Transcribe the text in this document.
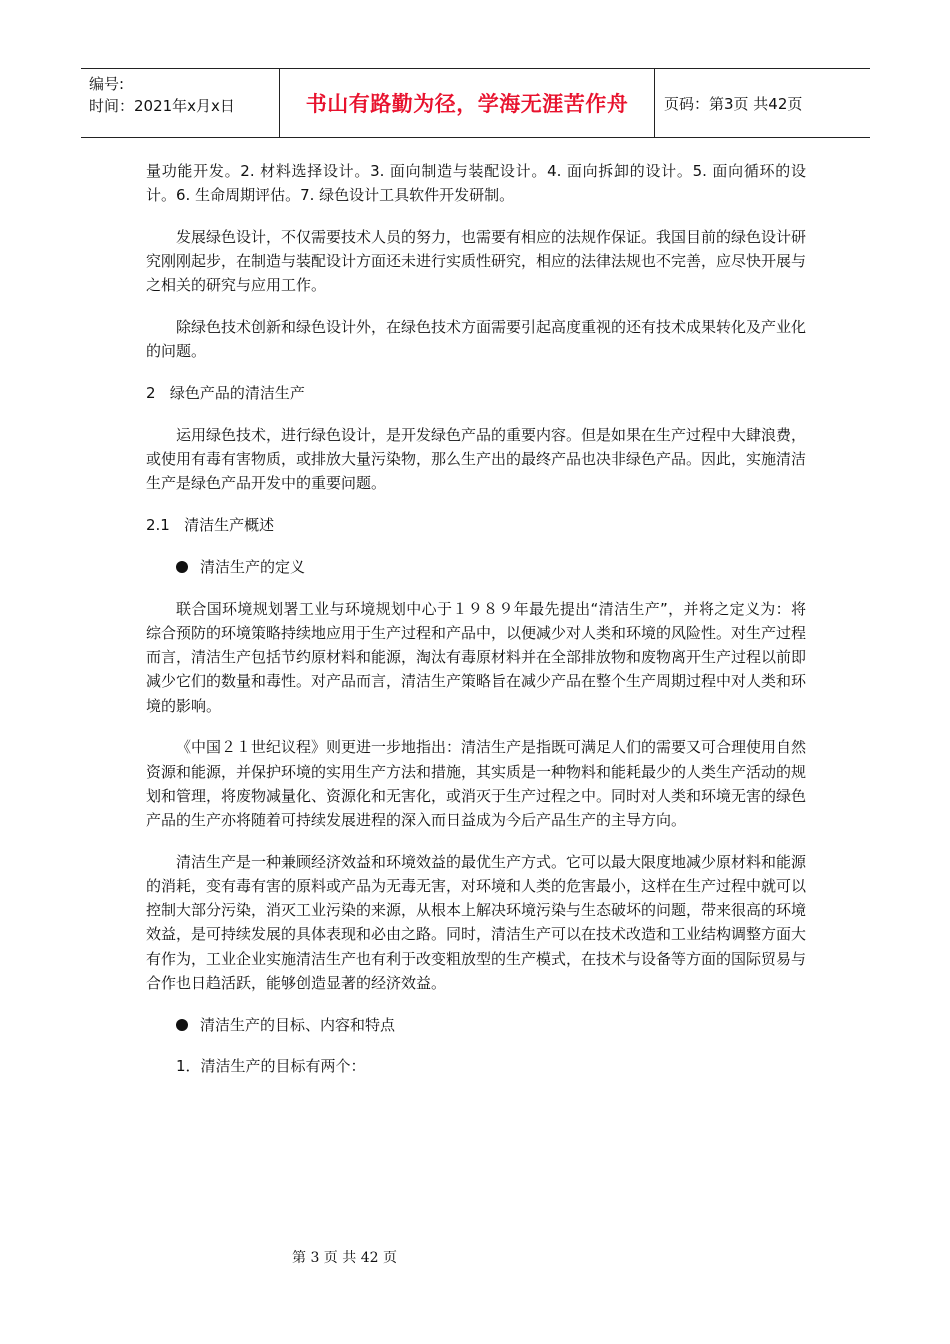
编号:
时间：2021年x月x日	书山有路勤为径，学海无涯苦作舟	页码：第3页 共42页

量功能开发。2. 材料选择设计。3. 面向制造与装配设计。4. 面向拆卸的设计。5. 面向循环的设计。6. 生命周期评估。7. 绿色设计工具软件开发研制。

发展绿色设计，不仅需要技术人员的努力，也需要有相应的法规作保证。我国目前的绿色设计研究刚刚起步，在制造与装配设计方面还未进行实质性研究，相应的法律法规也不完善，应尽快开展与之相关的研究与应用工作。

除绿色技术创新和绿色设计外，在绿色技术方面需要引起高度重视的还有技术成果转化及产业化的问题。

2   绿色产品的清洁生产

运用绿色技术，进行绿色设计，是开发绿色产品的重要内容。但是如果在生产过程中大肆浪费，或使用有毒有害物质，或排放大量污染物，那么生产出的最终产品也决非绿色产品。因此，实施清洁生产是绿色产品开发中的重要问题。

2.1   清洁生产概述
清洁生产的定义

联合国环境规划署工业与环境规划中心于１９８９年最先提出“清洁生产”，并将之定义为：将综合预防的环境策略持续地应用于生产过程和产品中，以便减少对人类和环境的风险性。对生产过程而言，清洁生产包括节约原材料和能源，淘汰有毒原材料并在全部排放物和废物离开生产过程以前即减少它们的数量和毒性。对产品而言，清洁生产策略旨在减少产品在整个生产周期过程中对人类和环境的影响。

《中国２１世纪议程》则更进一步地指出：清洁生产是指既可满足人们的需要又可合理使用自然资源和能源，并保护环境的实用生产方法和措施，其实质是一种物料和能耗最少的人类生产活动的规划和管理，将废物减量化、资源化和无害化，或消灭于生产过程之中。同时对人类和环境无害的绿色产品的生产亦将随着可持续发展进程的深入而日益成为今后产品生产的主导方向。

清洁生产是一种兼顾经济效益和环境效益的最优生产方式。它可以最大限度地减少原材料和能源的消耗，变有毒有害的原料或产品为无毒无害，对环境和人类的危害最小，这样在生产过程中就可以控制大部分污染，消灭工业污染的来源，从根本上解决环境污染与生态破坏的问题，带来很高的环境效益，是可持续发展的具体表现和必由之路。同时，清洁生产可以在技术改造和工业结构调整方面大有作为，工业企业实施清洁生产也有利于改变粗放型的生产模式，在技术与设备等方面的国际贸易与合作也日趋活跃，能够创造显著的经济效益。

清洁生产的目标、内容和特点
1．清洁生产的目标有两个：
第 3 页 共 42 页
